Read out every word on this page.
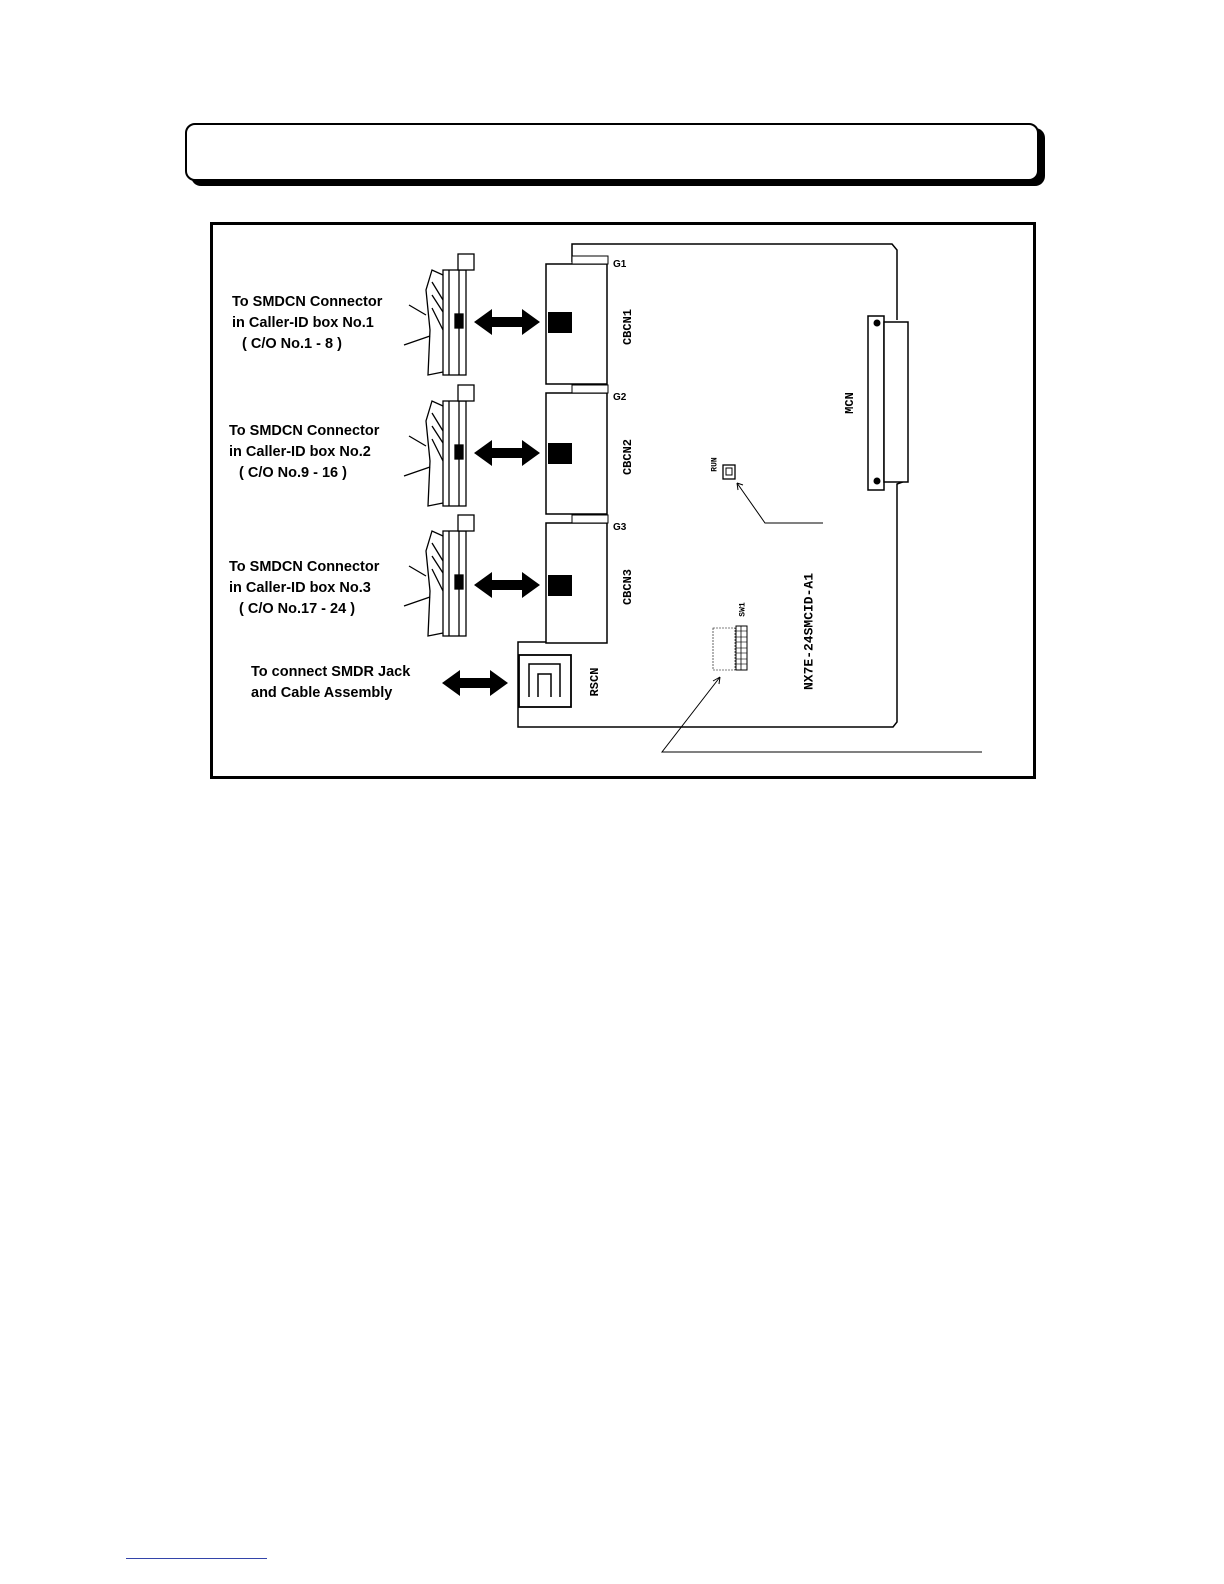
To SMDCN Connector
in Caller-ID box No.1
( C/O No.1 - 8 )
To SMDCN Connector
in Caller-ID box No.2
( C/O No.9 - 16 )
To SMDCN Connector
in Caller-ID box No.3
( C/O No.17 - 24 )
To connect SMDR Jack
and Cable Assembly
G1
G2
G3
CBCN1
CBCN2
CBCN3
RSCN
MCN
RUN
SW1	NX7E-24SMCID-A1
